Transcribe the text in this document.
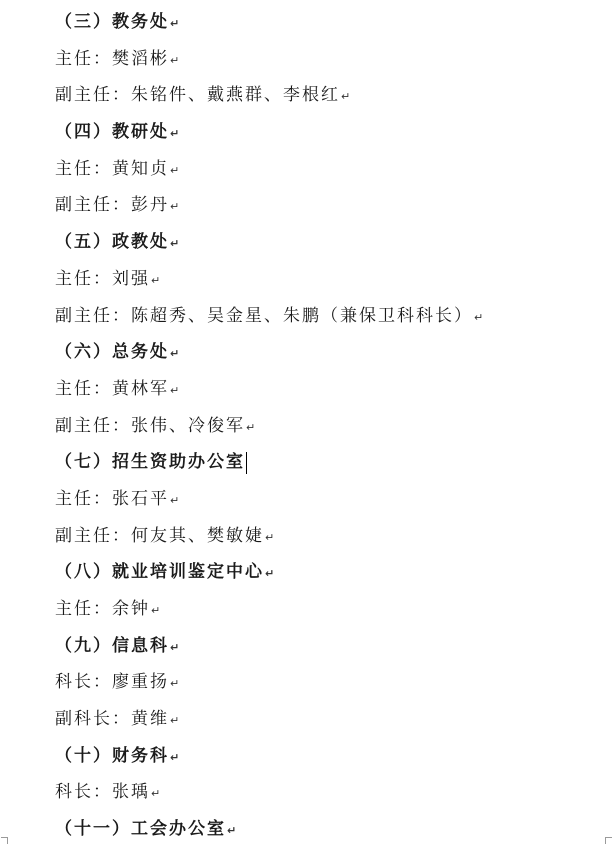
（三）教务处↵
主任：樊滔彬↵
副主任：朱铭件、戴燕群、李根红↵
（四）教研处↵
主任：黄知贞↵
副主任：彭丹↵
（五）政教处↵
主任：刘强↵
副主任：陈超秀、吴金星、朱鹏（兼保卫科科长）↵
（六）总务处↵
主任：黄林军↵
副主任：张伟、冷俊军↵
（七）招生资助办公室
主任：张石平↵
副主任：何友其、樊敏婕↵
（八）就业培训鉴定中心↵
主任：余钟↵
（九）信息科↵
科长：廖重扬↵
副科长：黄维↵
（十）财务科↵
科长：张瑀↵
（十一）工会办公室↵
